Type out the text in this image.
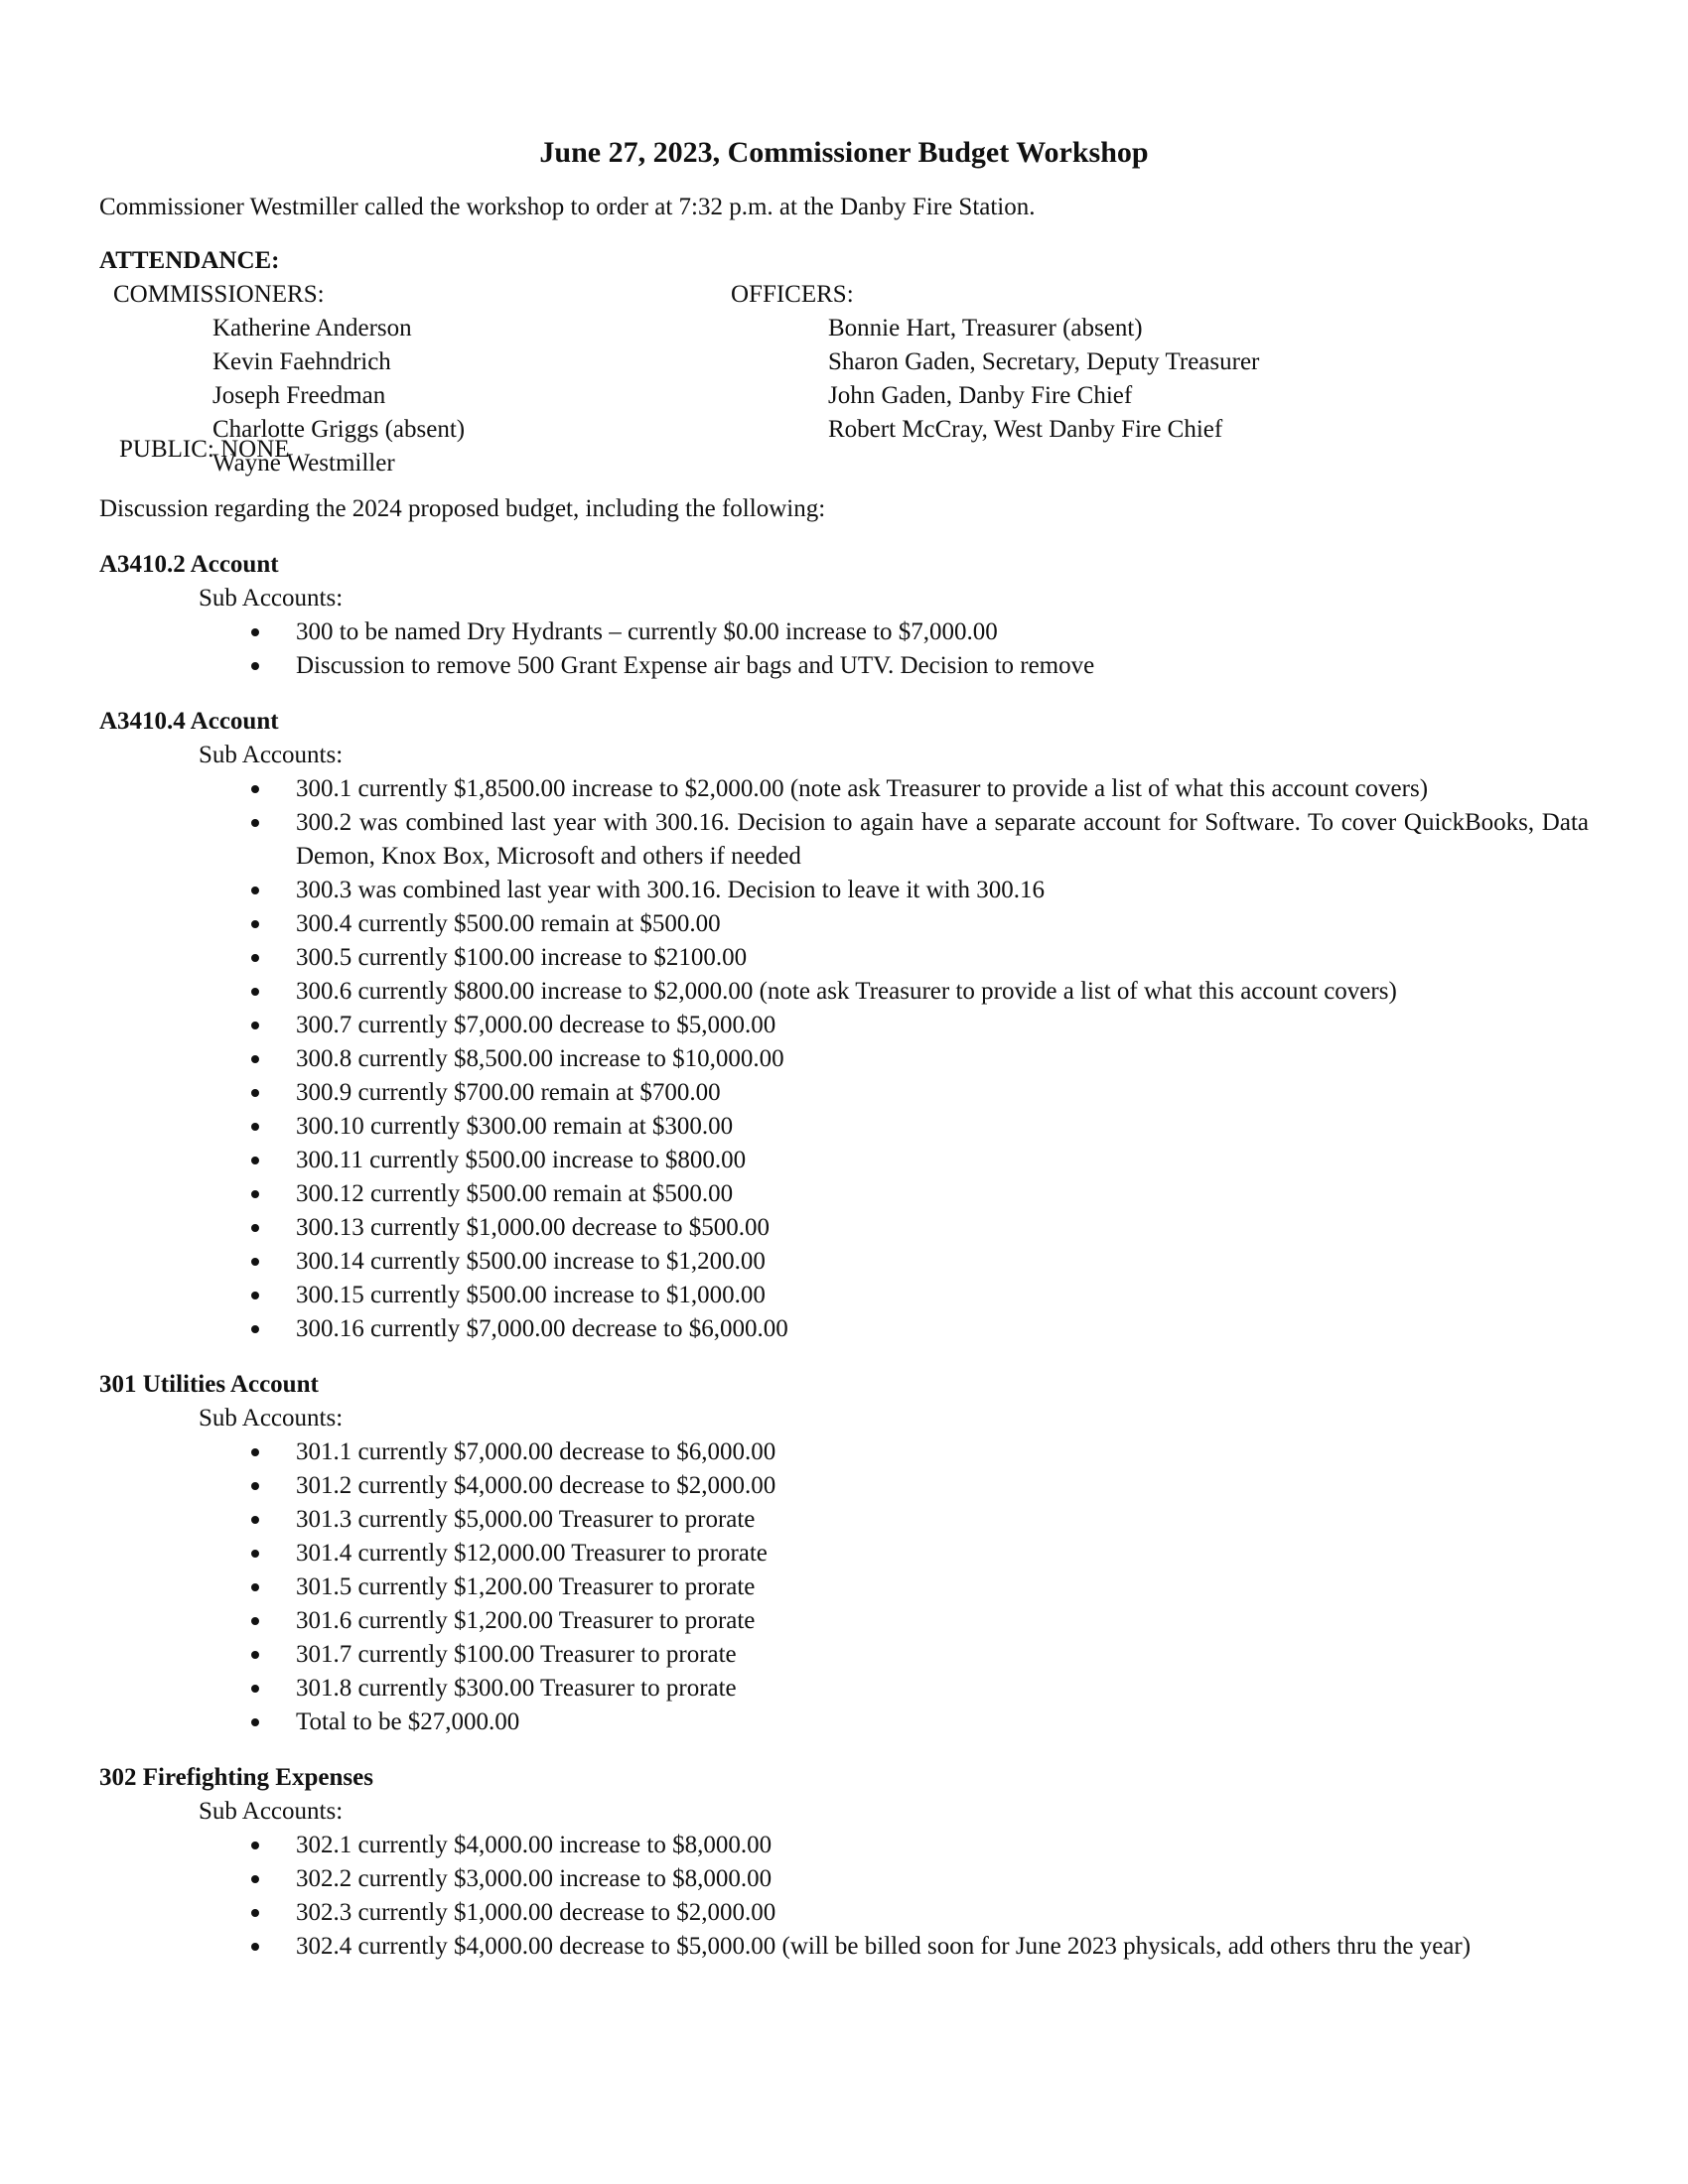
June 27, 2023, Commissioner Budget Workshop

Commissioner Westmiller called the workshop to order at 7:32 p.m. at the Danby Fire Station.

ATTENDANCE:

COMMISSIONERS:

Katherine Anderson

Kevin Faehndrich

Joseph Freedman

Charlotte Griggs (absent)

Wayne Westmiller

OFFICERS:

Bonnie Hart, Treasurer (absent)

Sharon Gaden, Secretary, Deputy Treasurer

John Gaden, Danby Fire Chief

Robert McCray, West Danby Fire Chief

PUBLIC: NONE

Discussion regarding the 2024 proposed budget, including the following:

A3410.2 Account

Sub Accounts:

300 to be named Dry Hydrants – currently $0.00 increase to $7,000.00
Discussion to remove 500 Grant Expense air bags and UTV. Decision to remove

A3410.4 Account

Sub Accounts:

300.1 currently $1,8500.00 increase to $2,000.00 (note ask Treasurer to provide a list of what this account covers)
300.2 was combined last year with 300.16. Decision to again have a separate account for Software. To cover QuickBooks, Data Demon, Knox Box, Microsoft and others if needed
300.3 was combined last year with 300.16. Decision to leave it with 300.16
300.4 currently $500.00 remain at $500.00
300.5 currently $100.00 increase to $2100.00
300.6 currently $800.00 increase to $2,000.00 (note ask Treasurer to provide a list of what this account covers)
300.7 currently $7,000.00 decrease to $5,000.00
300.8 currently $8,500.00 increase to $10,000.00
300.9 currently $700.00 remain at $700.00
300.10 currently $300.00 remain at $300.00
300.11 currently $500.00 increase to $800.00
300.12 currently $500.00 remain at $500.00
300.13 currently $1,000.00 decrease to $500.00
300.14 currently $500.00 increase to $1,200.00
300.15 currently $500.00 increase to $1,000.00
300.16 currently $7,000.00 decrease to $6,000.00

301 Utilities Account

Sub Accounts:

301.1 currently $7,000.00 decrease to $6,000.00
301.2 currently $4,000.00 decrease to $2,000.00
301.3 currently $5,000.00 Treasurer to prorate
301.4 currently $12,000.00 Treasurer to prorate
301.5 currently $1,200.00 Treasurer to prorate
301.6 currently $1,200.00 Treasurer to prorate
301.7 currently $100.00 Treasurer to prorate
301.8 currently $300.00 Treasurer to prorate
Total to be $27,000.00

302 Firefighting Expenses

Sub Accounts:

302.1 currently $4,000.00 increase to $8,000.00
302.2 currently $3,000.00 increase to $8,000.00
302.3 currently $1,000.00 decrease to $2,000.00
302.4 currently $4,000.00 decrease to $5,000.00 (will be billed soon for June 2023 physicals, add others thru the year)
